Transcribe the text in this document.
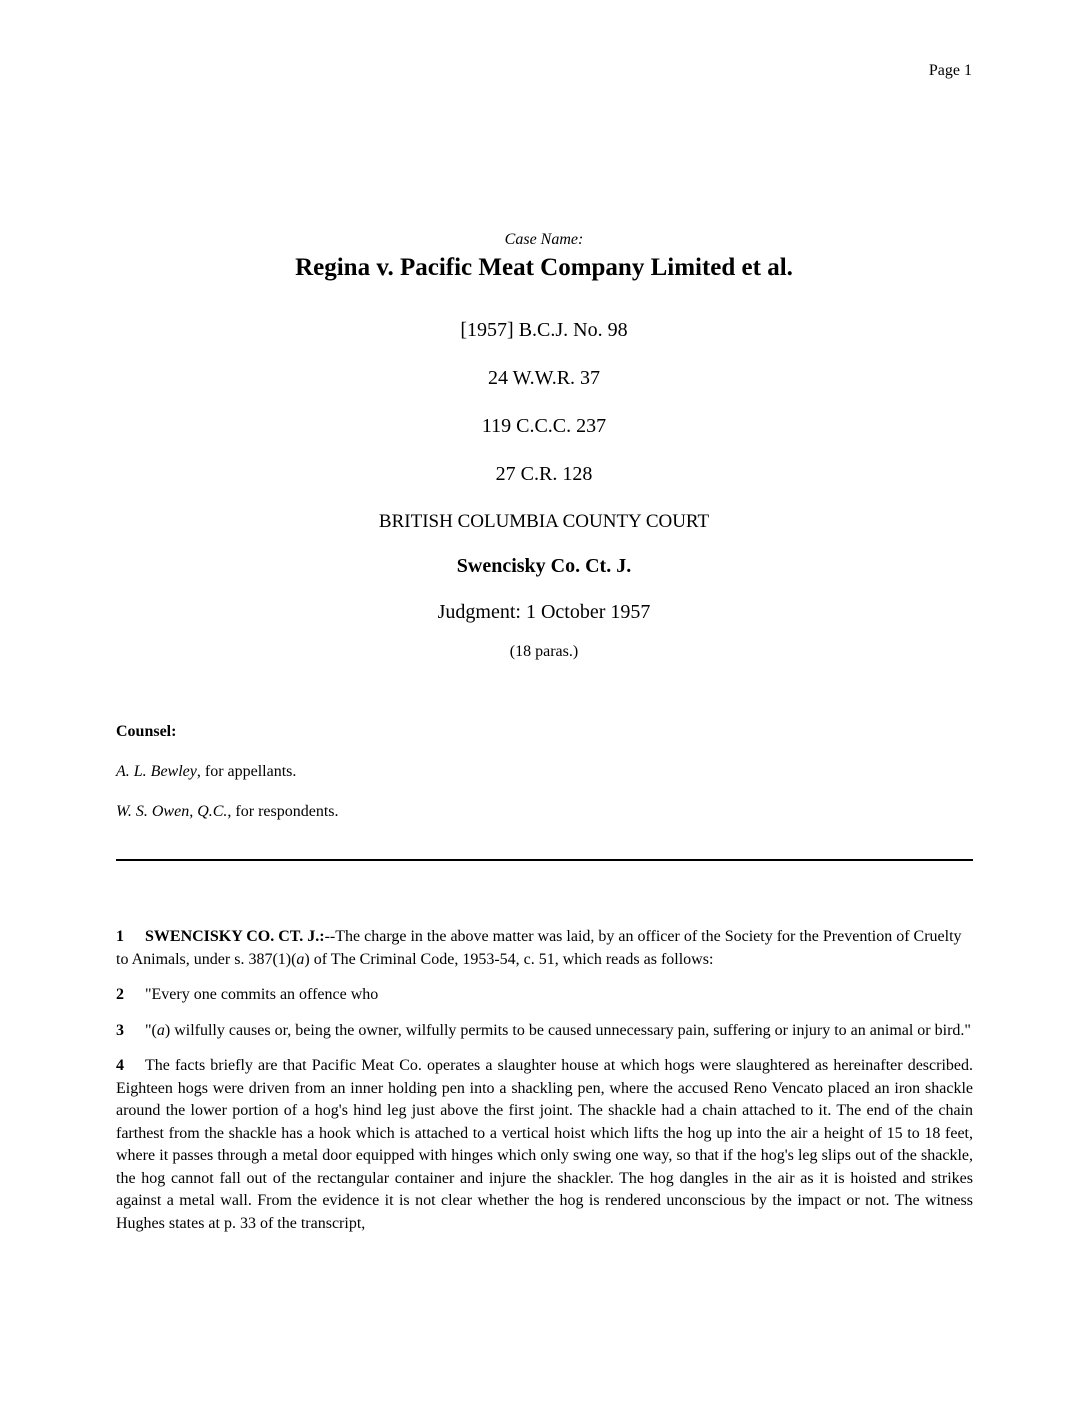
Page 1
Case Name:
Regina v. Pacific Meat Company Limited et al.
[1957] B.C.J. No. 98
24 W.W.R. 37
119 C.C.C. 237
27 C.R. 128
BRITISH COLUMBIA COUNTY COURT
Swencisky Co. Ct. J.
Judgment: 1 October 1957
(18 paras.)
Counsel:
A. L. Bewley, for appellants.
W. S. Owen, Q.C., for respondents.

1 SWENCISKY CO. CT. J.:--The charge in the above matter was laid, by an officer of the Society for the Prevention of Cruelty to Animals, under s. 387(1)(a) of The Criminal Code, 1953-54, c. 51, which reads as follows:

2 "Every one commits an offence who

3 "(a) wilfully causes or, being the owner, wilfully permits to be caused unnecessary pain, suffering or injury to an animal or bird."

4 The facts briefly are that Pacific Meat Co. operates a slaughter house at which hogs were slaughtered as hereinafter described. Eighteen hogs were driven from an inner holding pen into a shackling pen, where the accused Reno Vencato placed an iron shackle around the lower portion of a hog's hind leg just above the first joint. The shackle had a chain attached to it. The end of the chain farthest from the shackle has a hook which is attached to a vertical hoist which lifts the hog up into the air a height of 15 to 18 feet, where it passes through a metal door equipped with hinges which only swing one way, so that if the hog's leg slips out of the shackle, the hog cannot fall out of the rectangular container and injure the shackler. The hog dangles in the air as it is hoisted and strikes against a metal wall. From the evidence it is not clear whether the hog is rendered unconscious by the impact or not. The witness Hughes states at p. 33 of the transcript,
